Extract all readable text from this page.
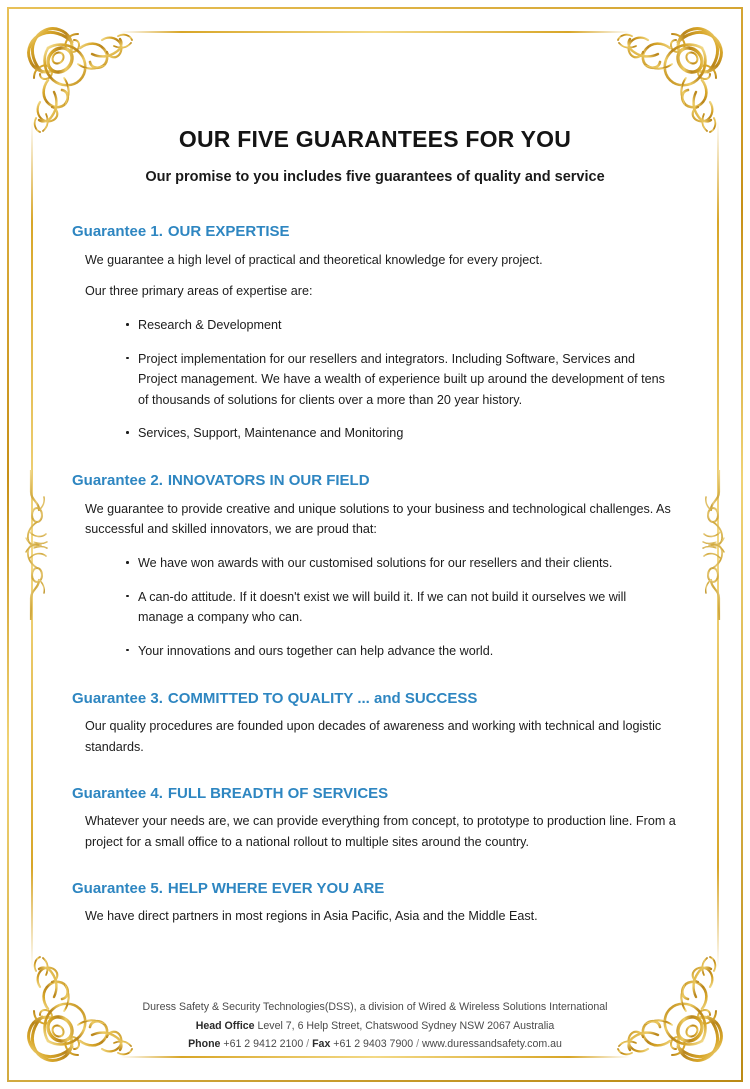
OUR FIVE GUARANTEES FOR YOU

Our promise to you includes five guarantees of quality and service

Guarantee 1. OUR EXPERTISE

We guarantee a high level of practical and theoretical knowledge for every project.

Our three primary areas of expertise are:

Research & Development
Project implementation for our resellers and integrators. Including Software, Services and Project management. We have a wealth of experience built up around the development of tens of thousands of solutions for clients over a more than 20 year history.
Services, Support, Maintenance and Monitoring
Guarantee 2. INNOVATORS IN OUR FIELD

We guarantee to provide creative and unique solutions to your business and technological challenges. As successful and skilled innovators, we are proud that:

We have won awards with our customised solutions for our resellers and their clients.
A can-do attitude. If it doesn't exist we will build it. If we can not build it ourselves we will manage a company who can.
Your innovations and ours together can help advance the world.
Guarantee 3. COMMITTED TO QUALITY ... and SUCCESS

Our quality procedures are founded upon decades of awareness and working with technical and logistic standards.

Guarantee 4. FULL BREADTH OF SERVICES

Whatever your needs are, we can provide everything from concept, to prototype to production line. From a project for a small office to a national rollout to multiple sites around the country.

Guarantee 5. HELP WHERE EVER YOU ARE

We have direct partners in most regions in Asia Pacific, Asia and the Middle East.

Duress Safety & Security Technologies(DSS), a division of Wired & Wireless Solutions International
Head Office Level 7, 6 Help Street, Chatswood Sydney NSW 2067 Australia
Phone +61 2 9412 2100 / Fax +61 2 9403 7900 / www.duressandsafety.com.au
